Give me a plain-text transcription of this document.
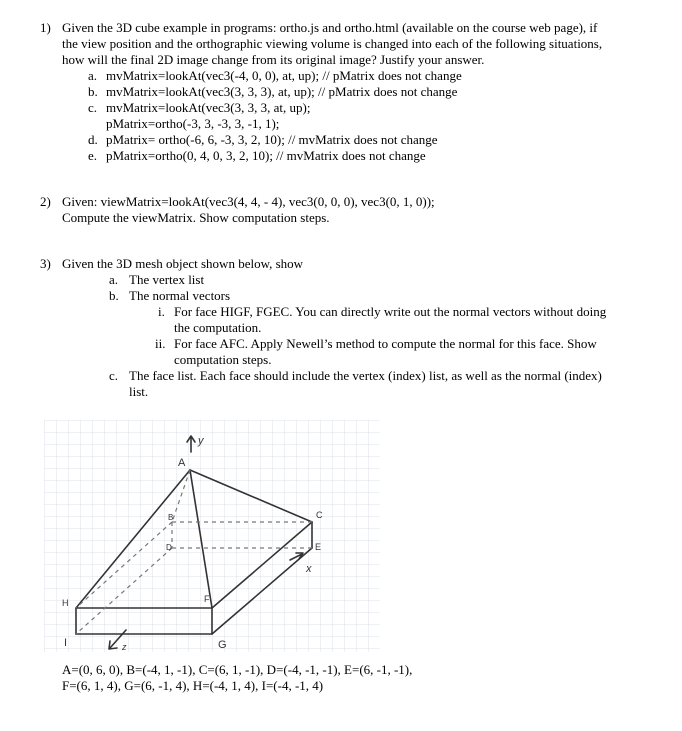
1) Given the 3D cube example in programs: ortho.js and ortho.html (available on the course web page), if
the view position and the orthographic viewing volume is changed into each of the following situations,
how will the final 2D image change from its original image? Justify your answer.
a. mvMatrix=lookAt(vec3(-4, 0, 0), at, up); // pMatrix does not change
b. mvMatrix=lookAt(vec3(3, 3, 3), at, up); // pMatrix does not change
c. mvMatrix=lookAt(vec3(3, 3, 3, at, up);
pMatrix=ortho(-3, 3, -3, 3, -1, 1);
d. pMatrix= ortho(-6, 6, -3, 3, 2, 10); // mvMatrix does not change
e. pMatrix=ortho(0, 4, 0, 3, 2, 10); // mvMatrix does not change
2) Given: viewMatrix=lookAt(vec3(4, 4, - 4), vec3(0, 0, 0), vec3(0, 1, 0));
Compute the viewMatrix. Show computation steps.
3) Given the 3D mesh object shown below, show
a. The vertex list
b. The normal vectors
i. For face HIGF, FGEC. You can directly write out the normal vectors without doing
the computation.
ii. For face AFC. Apply Newell’s method to compute the normal for this face. Show
computation steps.
c. The face list. Each face should include the vertex (index) list, as well as the normal (index)
list.
A
B	C
D	E
F
G
H
I
y
x
z
A=(0, 6, 0), B=(-4, 1, -1), C=(6, 1, -1), D=(-4, -1, -1), E=(6, -1, -1),
F=(6, 1, 4), G=(6, -1, 4), H=(-4, 1, 4), I=(-4, -1, 4)
